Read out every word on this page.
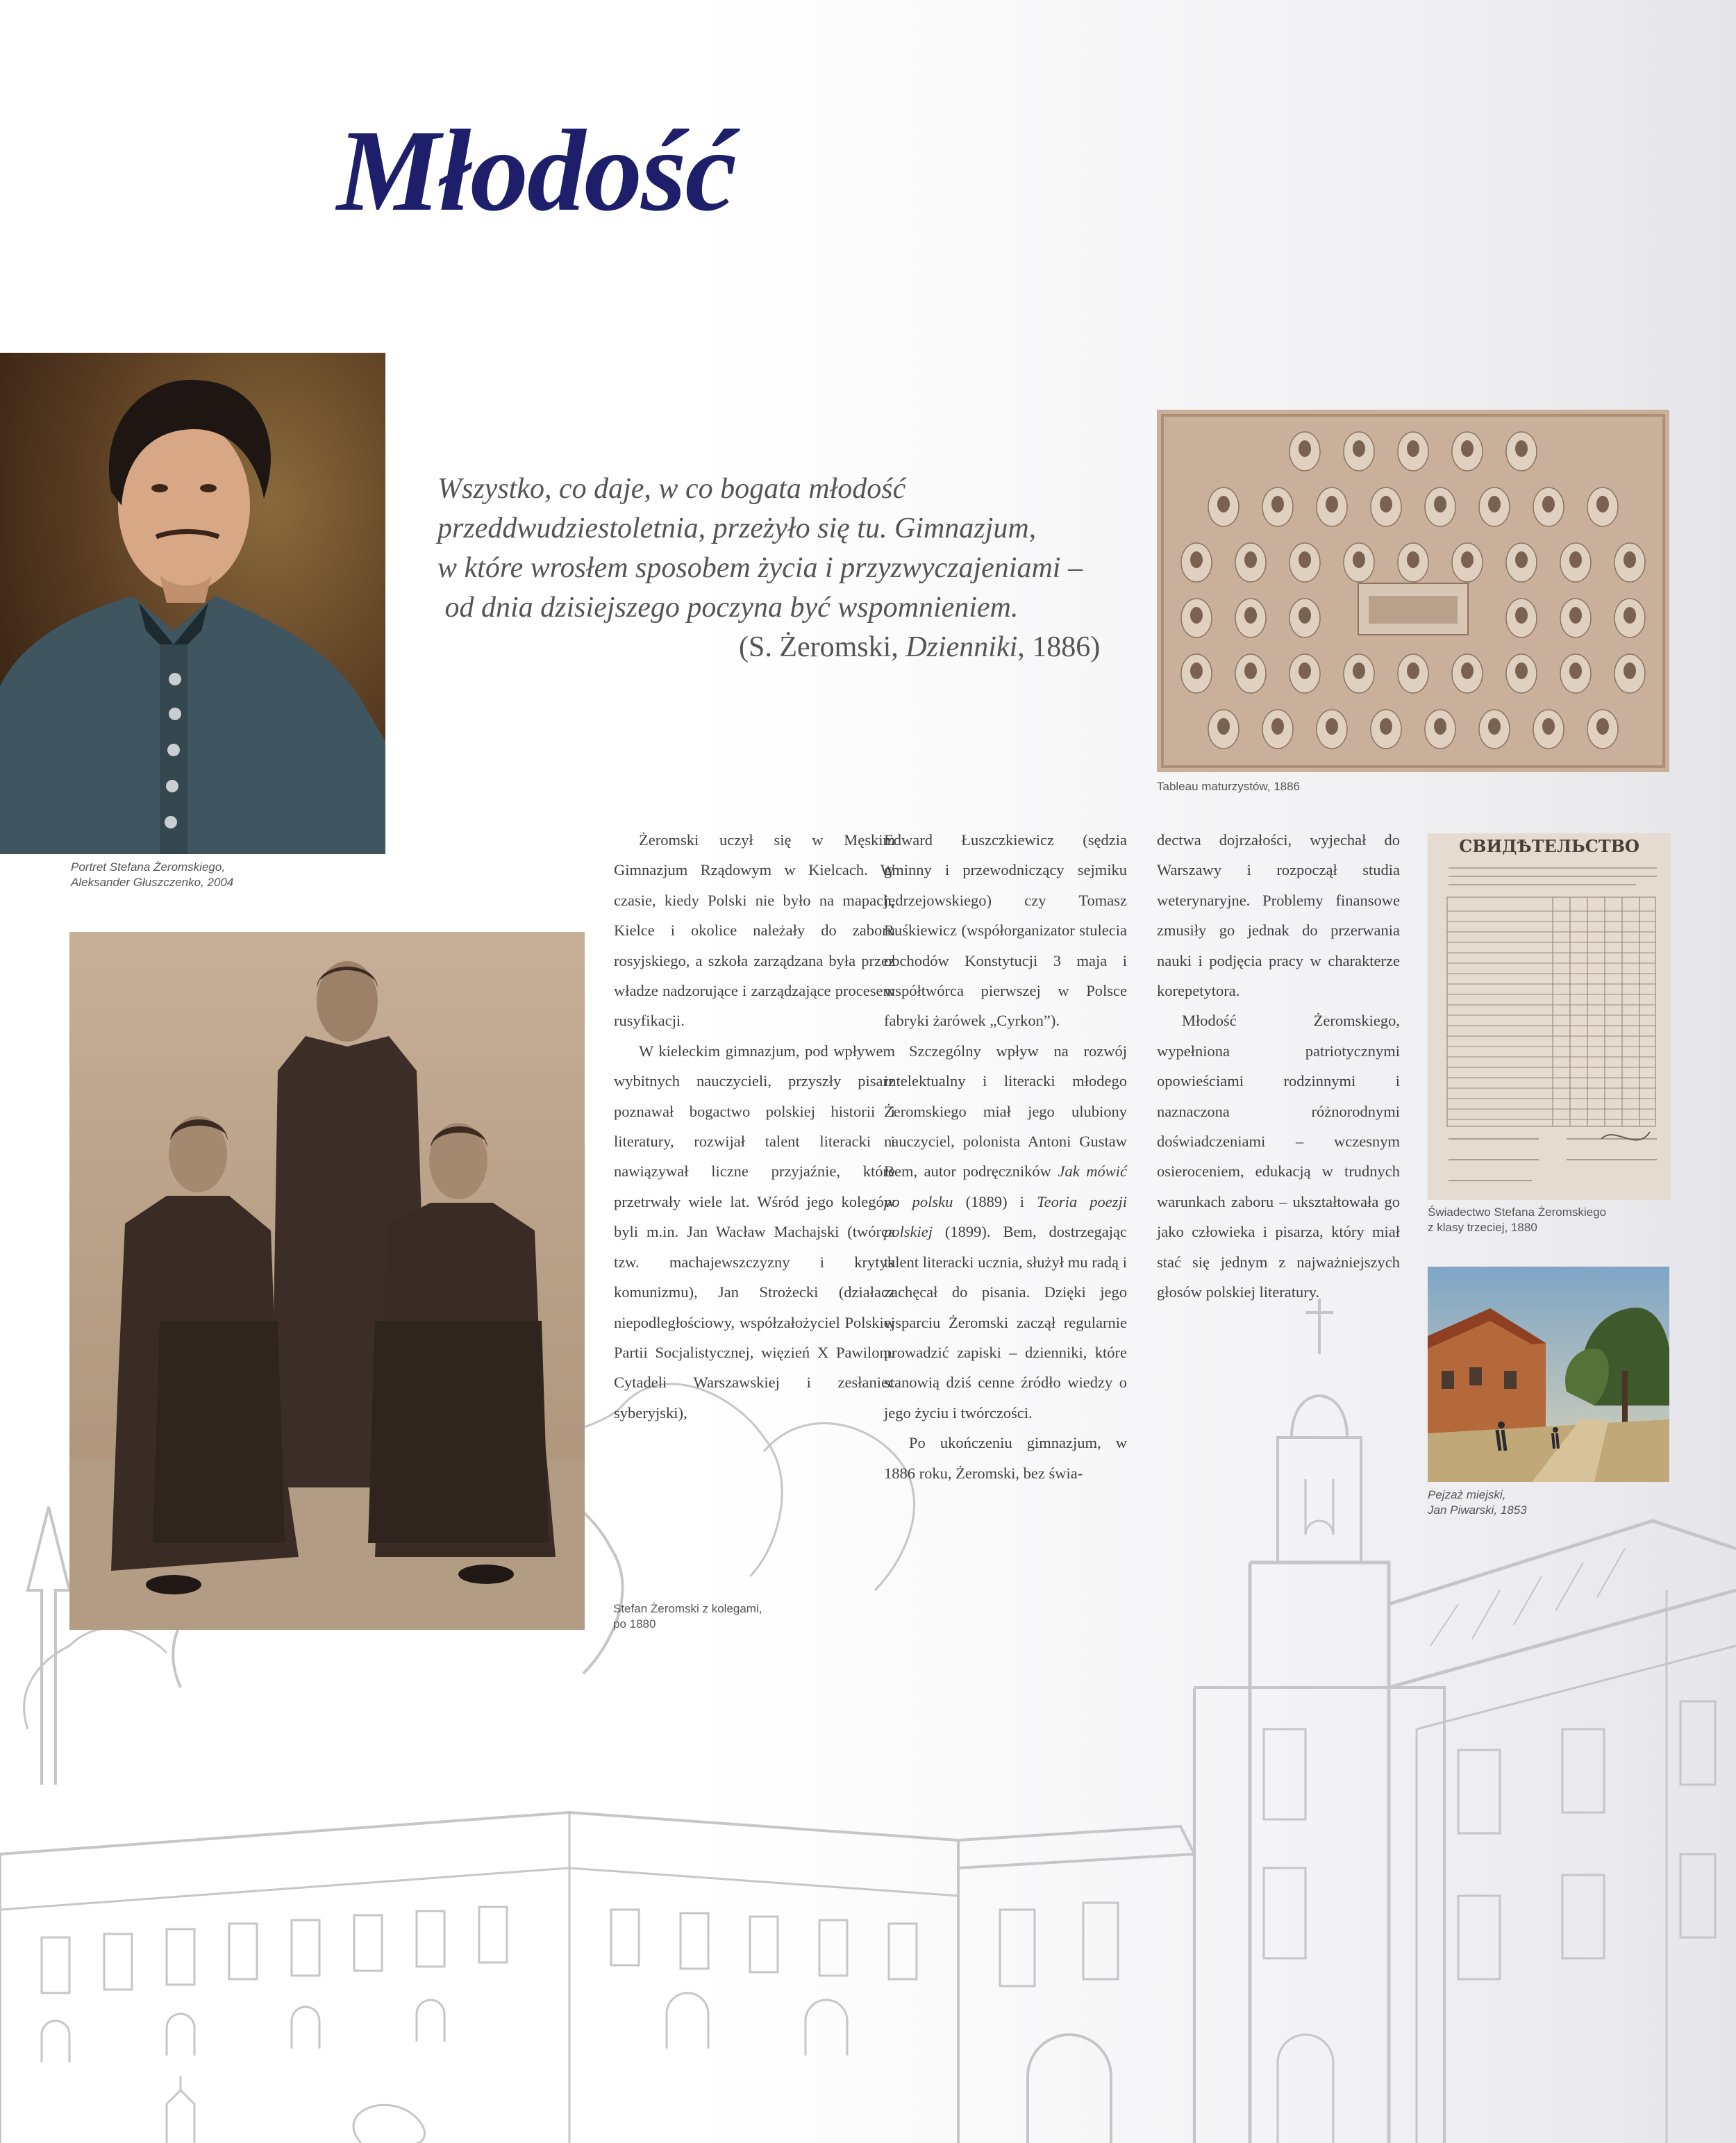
Młodość
Wszystko, co daje, w co bogata młodość
przeddwudziestoletnia, przeżyło się tu. Gimnazjum,
w które wrosłem sposobem życia i przyzwyczajeniami –
od dnia dzisiejszego poczyna być wspomnieniem.
(S. Żeromski, Dzienniki, 1886)
Portret Stefana Żeromskiego,
Aleksander Głuszczenko, 2004
Stefan Żeromski z kolegami,
po 1880
Tableau maturzystów, 1886
СВИДѢТЕЛЬСТВО
Świadectwo Stefana Żeromskiego
z klasy trzeciej, 1880
Pejzaż miejski,
Jan Piwarski, 1853

Żeromski uczył się w Męskim Gimnazjum Rządowym w Kielcach. W czasie, kiedy Polski nie było na mapach, Kielce i okolice należały do zaboru rosyjskiego, a szkoła zarządzana była przez władze nadzorujące i zarządzające procesem rusyfikacji.

W kieleckim gimnazjum, pod wpływem wybitnych nauczycieli, przyszły pisarz poznawał bogactwo polskiej historii i literatury, rozwijał talent literacki i nawiązywał liczne przyjaźnie, które przetrwały wiele lat. Wśród jego kolegów byli m.in. Jan Wacław Machajski (twórca tzw. machajewszczyzny i krytyk komunizmu), Jan Strożecki (działacz niepodległościowy, współzałożyciel Polskiej Partii Socjalistycznej, więzień X Pawilonu Cytadeli Warszawskiej i zesłaniec syberyjski),

Edward Łuszczkiewicz (sędzia gminny i przewodniczący sejmiku jędrzejowskiego) czy Tomasz Ruśkiewicz (współorganizator stulecia obchodów Konstytucji 3 maja i współtwórca pierwszej w Polsce fabryki żarówek „Cyrkon”).

Szczególny wpływ na rozwój intelektualny i literacki młodego Żeromskiego miał jego ulubiony nauczyciel, polonista Antoni Gustaw Bem, autor podręczników Jak mówić po polsku (1889) i Teoria poezji polskiej (1899). Bem, dostrzegając talent literacki ucznia, służył mu radą i zachęcał do pisania. Dzięki jego wsparciu Żeromski zaczął regularnie prowadzić zapiski – dzienniki, które stanowią dziś cenne źródło wiedzy o jego życiu i twórczości.

Po ukończeniu gimnazjum, w 1886 roku, Żeromski, bez świa-

dectwa dojrzałości, wyjechał do Warszawy i rozpoczął studia weterynaryjne. Problemy finansowe zmusiły go jednak do przerwania nauki i podjęcia pracy w charakterze korepetytora.

Młodość Żeromskiego, wypełniona patriotycznymi opowieściami rodzinnymi i naznaczona różnorodnymi doświadczeniami – wczesnym osieroceniem, edukacją w trudnych warunkach zaboru – ukształtowała go jako człowieka i pisarza, który miał stać się jednym z najważniejszych głosów polskiej literatury.
